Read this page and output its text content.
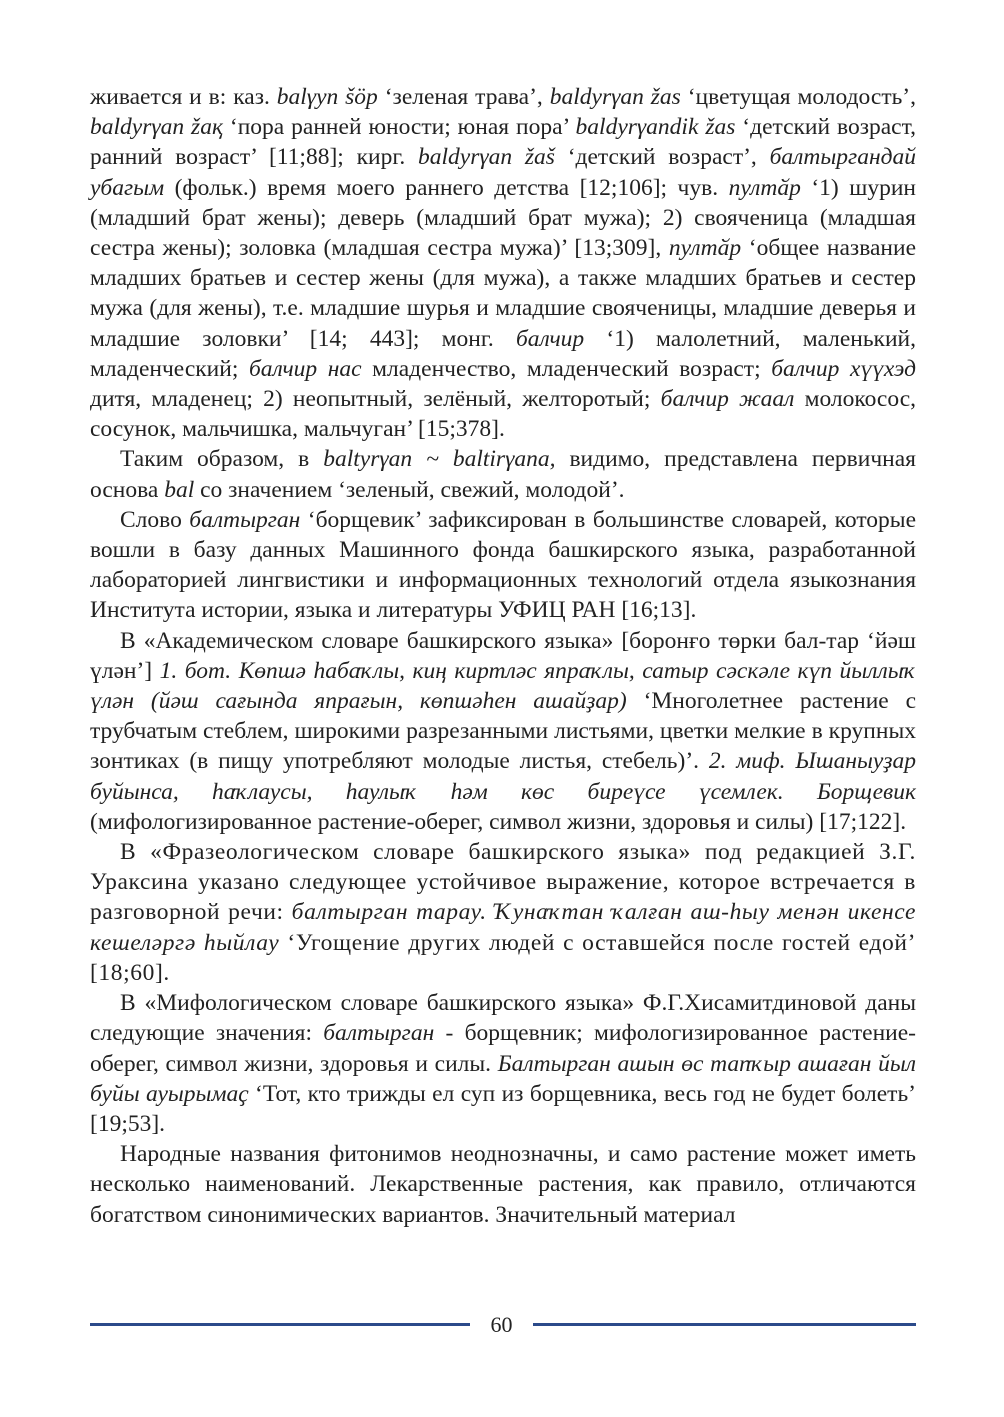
живается и в: каз. balγyn šöp ‘зеленая трава’, baldyrγan žas ‘цветущая молодость’, baldyrγan žaқ ‘пора ранней юности; юная пора’ baldyrγandik žas ‘детский возраст, ранний возраст’ [11;88]; кирг. baldyrγan žaš ‘детский возраст’, балтыргандай убагым (фольк.) время моего раннего детства [12;106]; чув. пултӑр ‘1) шурин (младший брат жены); деверь (младший брат мужа); 2) свояченица (младшая сестра жены); золовка (младшая сестра мужа)’ [13;309], пултӑр ‘общее название младших братьев и сестер жены (для мужа), а также младших братьев и сестер мужа (для жены), т.е. младшие шурья и младшие свояченицы, младшие деверья и младшие золовки’ [14; 443]; монг. балчир ‘1) малолетний, маленький, младенческий; балчир нас младенчество, младенческий возраст; балчир хүүхэд дитя, младенец; 2) неопытный, зелёный, желторотый; балчир жаал молокосос, сосунок, мальчишка, мальчуган’ [15;378].

Таким образом, в baltyrγan ~ baltirγana, видимо, представлена первичная основа bal со значением ‘зеленый, свежий, молодой’.

Слово балтырган ‘борщевик’ зафиксирован в большинстве словарей, которые вошли в базу данных Машинного фонда башкирского языка, разработанной лабораторией лингвистики и информационных технологий отдела языкознания Института истории, языка и литературы УФИЦ РАН [16;13].

В «Академическом словаре башкирского языка» [боронғо төрки бал-тар ‘йәш үлән’] 1. бот. Көпшә һабаҡлы, киң киртләс япраҡлы, сатыр сәскәле күп йыллыҡ үлән (йәш сағында япрағын, көпшәһен ашайҙар) ‘Многолетнее растение с трубчатым стеблем, широкими разрезанными листьями, цветки мелкие в крупных зонтиках (в пищу употребляют молодые листья, стебель)’. 2. миф. Ышаныуҙар буйынса, һаҡлаусы, һаулыҡ һәм көс биреүсе үсемлек. Борщевик (мифологизированное растение-оберег, символ жизни, здоровья и силы) [17;122].

В «Фразеологическом словаре башкирского языка» под редакцией З.Г. Ураксина указано следующее устойчивое выражение, которое встречается в разговорной речи: балтырган тарау. Ҡунаҡтан ҡалған аш-һыу менән икенсе кешеләргә һыйлау ‘Угощение других людей с оставшейся после гостей едой’ [18;60].

В «Мифологическом словаре башкирского языка» Ф.Г.Хисамитдиновой даны следующие значения: балтырган - борщевник; мифологизированное растение-оберег, символ жизни, здоровья и силы. Балтырган ашын өс тапҡыр ашаған йыл буйы ауырымаҫ ‘Тот, кто трижды ел суп из борщевника, весь год не будет болеть’ [19;53].

Народные названия фитонимов неоднозначны, и само растение может иметь несколько наименований. Лекарственные растения, как правило, отличаются богатством синонимических вариантов. Значительный материал

60
